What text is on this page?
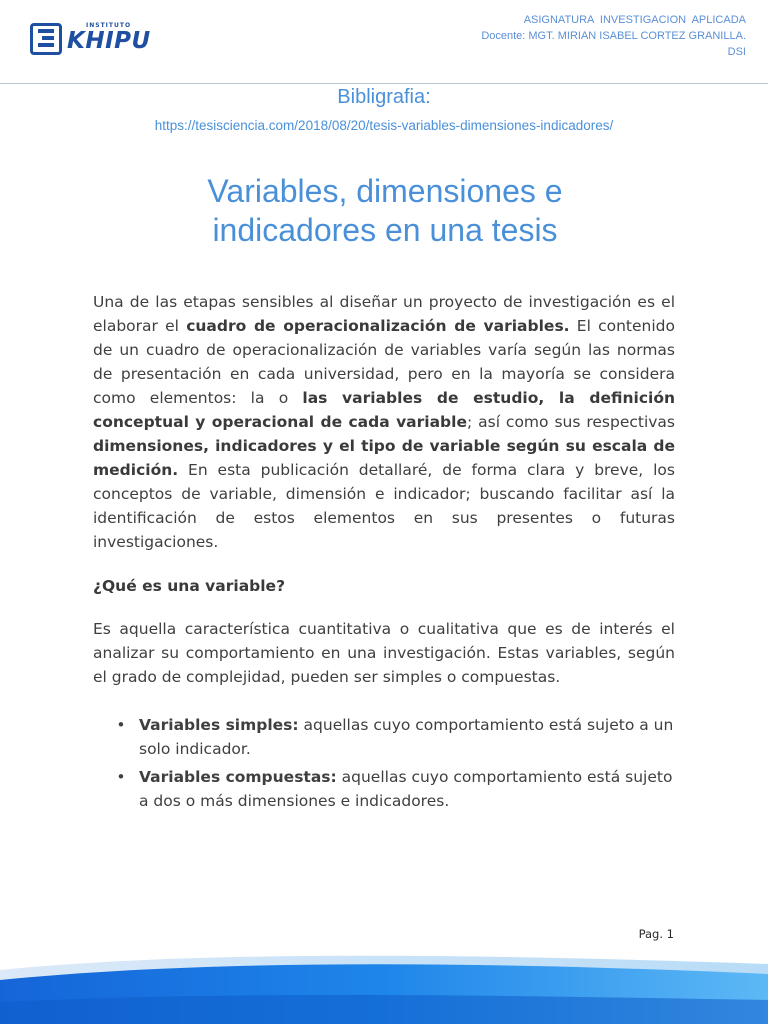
INSTITUTO
KHIPU
ASIGNATURA  INVESTIGACION  APLICADA
Docente: MGT. MIRIAN ISABEL CORTEZ GRANILLA.
DSI
Bibligrafia:
https://tesisciencia.com/2018/08/20/tesis-variables-dimensiones-indicadores/
Variables, dimensiones e
indicadores en una tesis
Una de las etapas sensibles al diseñar un proyecto de investigación es el elaborar el cuadro de operacionalización de variables. El contenido de un cuadro de operacionalización de variables varía según las normas de presentación en cada universidad, pero en la mayoría se considera como elementos: la o las variables de estudio, la definición conceptual y operacional de cada variable; así como sus respectivas dimensiones, indicadores y el tipo de variable según su escala de medición. En esta publicación detallaré, de forma clara y breve, los conceptos de variable, dimensión e indicador; buscando facilitar así la identificación de estos elementos en sus presentes o futuras investigaciones.
¿Qué es una variable?
Es aquella característica cuantitativa o cualitativa que es de interés el analizar su comportamiento en una investigación. Estas variables, según el grado de complejidad, pueden ser simples o compuestas.
• Variables simples: aquellas cuyo comportamiento está sujeto a un solo indicador.
• Variables compuestas: aquellas cuyo comportamiento está sujeto a dos o más dimensiones e indicadores.
Pag. 1
